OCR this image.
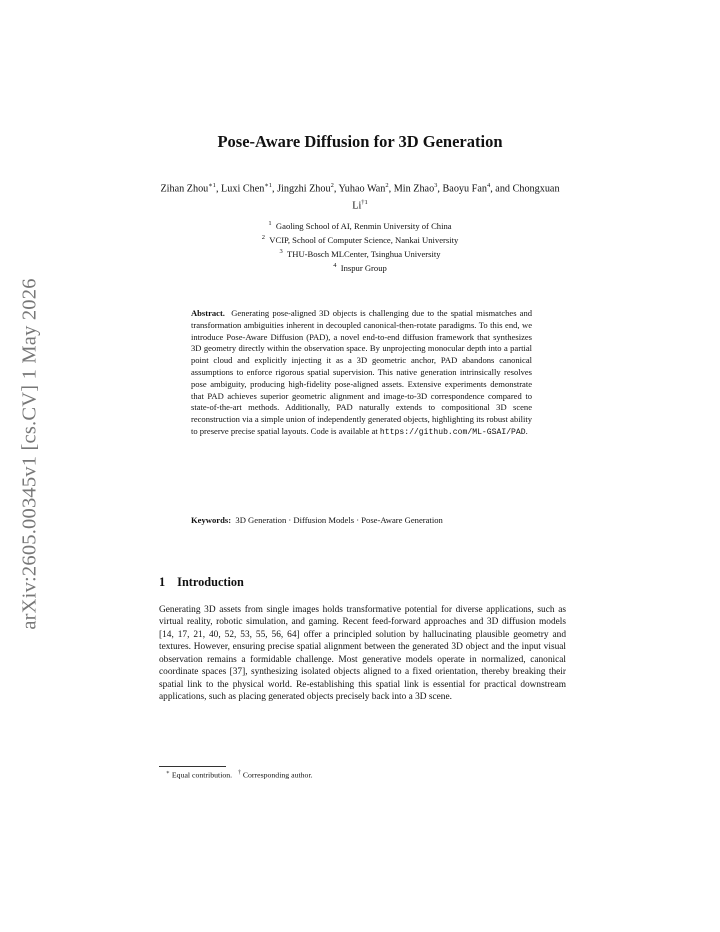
arXiv:2605.00345v1 [cs.CV] 1 May 2026
Pose-Aware Diffusion for 3D Generation
Zihan Zhou$^{∗1}$, Luxi Chen$^{∗1}$, Jingzhi Zhou$^2$, Yuhao Wan$^2$, Min Zhao$^3$, Baoyu Fan$^4$, and Chongxuan Li$^{\dagger 1}$
$^1$ Gaoling School of AI, Renmin University of China
$^2$ VCIP, School of Computer Science, Nankai University
$^3$ THU-Bosch MLCenter, Tsinghua University
$^4$ Inspur Group
Abstract. Generating pose-aligned 3D objects is challenging due to the spatial mismatches and transformation ambiguities inherent in decoupled canonical-then-rotate paradigms. To this end, we introduce Pose-Aware Diffusion (PAD), a novel end-to-end diffusion framework that synthesizes 3D geometry directly within the observation space. By unprojecting monocular depth into a partial point cloud and explicitly injecting it as a 3D geometric anchor, PAD abandons canonical assumptions to enforce rigorous spatial supervision. This native generation intrinsically resolves pose ambiguity, producing high-fidelity pose-aligned assets. Extensive experiments demonstrate that PAD achieves superior geometric alignment and image-to-3D correspondence compared to state-of-the-art methods. Additionally, PAD naturally extends to compositional 3D scene reconstruction via a simple union of independently generated objects, highlighting its robust ability to preserve precise spatial layouts. Code is available at https://github.com/ML-GSAI/PAD.
Keywords: 3D Generation · Diffusion Models · Pose-Aware Generation
1 Introduction
Generating 3D assets from single images holds transformative potential for diverse applications, such as virtual reality, robotic simulation, and gaming. Recent feed-forward approaches and 3D diffusion models [14, 17, 21, 40, 52, 53, 55, 56, 64] offer a principled solution by hallucinating plausible geometry and textures. However, ensuring precise spatial alignment between the generated 3D object and the input visual observation remains a formidable challenge. Most generative models operate in normalized, canonical coordinate spaces [37], synthesizing isolated objects aligned to a fixed orientation, thereby breaking their spatial link to the physical world. Re-establishing this spatial link is essential for practical downstream applications, such as placing generated objects precisely back into a 3D scene.
∗ Equal contribution. † Corresponding author.
